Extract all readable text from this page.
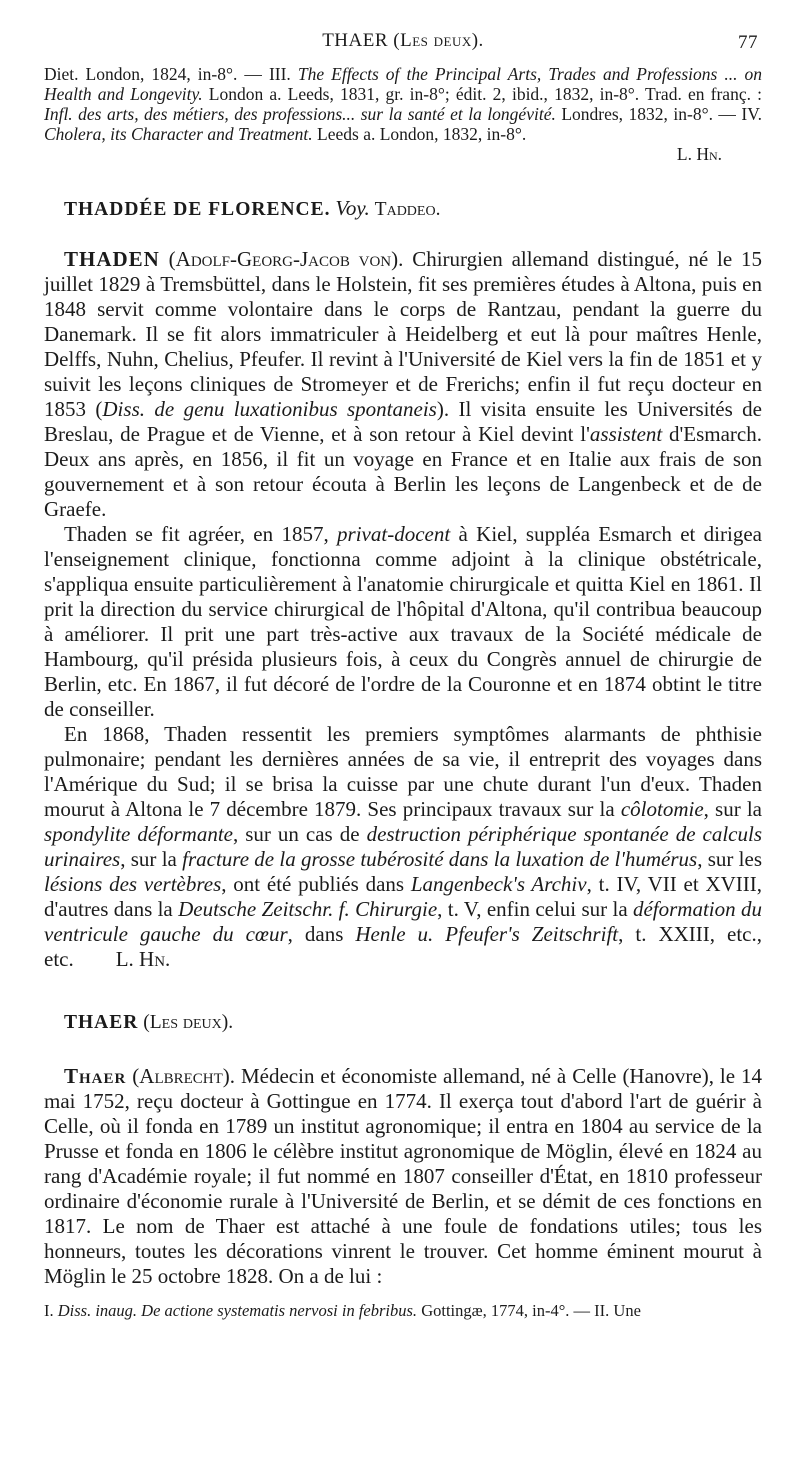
THAER (Les deux).	77

Diet. London, 1824, in-8°. — III. The Effects of the Principal Arts, Trades and Professions ... on Health and Longevity. London a. Leeds, 1831, gr. in-8°; édit. 2, ibid., 1832, in-8°. Trad. en franç. : Infl. des arts, des métiers, des professions... sur la santé et la longévité. Londres, 1832, in-8°. — IV. Cholera, its Character and Treatment. Leeds a. London, 1832, in-8°.

L. Hn.
THADDÉE DE FLORENCE. Voy. Taddeo.

THADEN (Adolf-Georg-Jacob von). Chirurgien allemand distingué, né le 15 juillet 1829 à Tremsbüttel, dans le Holstein, fit ses premières études à Altona, puis en 1848 servit comme volontaire dans le corps de Rantzau, pendant la guerre du Danemark. Il se fit alors immatriculer à Heidelberg et eut là pour maîtres Henle, Delffs, Nuhn, Chelius, Pfeufer. Il revint à l'Université de Kiel vers la fin de 1851 et y suivit les leçons cliniques de Stromeyer et de Frerichs; enfin il fut reçu docteur en 1853 (Diss. de genu luxationibus spontaneis). Il visita ensuite les Universités de Breslau, de Prague et de Vienne, et à son retour à Kiel devint l'assistent d'Esmarch. Deux ans après, en 1856, il fit un voyage en France et en Italie aux frais de son gouvernement et à son retour écouta à Berlin les leçons de Langenbeck et de de Graefe.

Thaden se fit agréer, en 1857, privat-docent à Kiel, suppléa Esmarch et dirigea l'enseignement clinique, fonctionna comme adjoint à la clinique obstétricale, s'appliqua ensuite particulièrement à l'anatomie chirurgicale et quitta Kiel en 1861. Il prit la direction du service chirurgical de l'hôpital d'Altona, qu'il contribua beaucoup à améliorer. Il prit une part très-active aux travaux de la Société médicale de Hambourg, qu'il présida plusieurs fois, à ceux du Congrès annuel de chirurgie de Berlin, etc. En 1867, il fut décoré de l'ordre de la Couronne et en 1874 obtint le titre de conseiller.

En 1868, Thaden ressentit les premiers symptômes alarmants de phthisie pulmonaire; pendant les dernières années de sa vie, il entreprit des voyages dans l'Amérique du Sud; il se brisa la cuisse par une chute durant l'un d'eux. Thaden mourut à Altona le 7 décembre 1879. Ses principaux travaux sur la côlotomie, sur la spondylite déformante, sur un cas de destruction périphérique spontanée de calculs urinaires, sur la fracture de la grosse tubérosité dans la luxation de l'humérus, sur les lésions des vertèbres, ont été publiés dans Langenbeck's Archiv, t. IV, VII et XVIII, d'autres dans la Deutsche Zeitschr. f. Chirurgie, t. V, enfin celui sur la déformation du ventricule gauche du cœur, dans Henle u. Pfeufer's Zeitschrift, t. XXIII, etc., etc. L. Hn.

THAER (Les deux).

Thaer (Albrecht). Médecin et économiste allemand, né à Celle (Hanovre), le 14 mai 1752, reçu docteur à Gottingue en 1774. Il exerça tout d'abord l'art de guérir à Celle, où il fonda en 1789 un institut agronomique; il entra en 1804 au service de la Prusse et fonda en 1806 le célèbre institut agronomique de Möglin, élevé en 1824 au rang d'Académie royale; il fut nommé en 1807 conseiller d'État, en 1810 professeur ordinaire d'économie rurale à l'Université de Berlin, et se démit de ces fonctions en 1817. Le nom de Thaer est attaché à une foule de fondations utiles; tous les honneurs, toutes les décorations vinrent le trouver. Cet homme éminent mourut à Möglin le 25 octobre 1828. On a de lui :

I. Diss. inaug. De actione systematis nervosi in febribus. Gottingæ, 1774, in-4°. — II. Une
